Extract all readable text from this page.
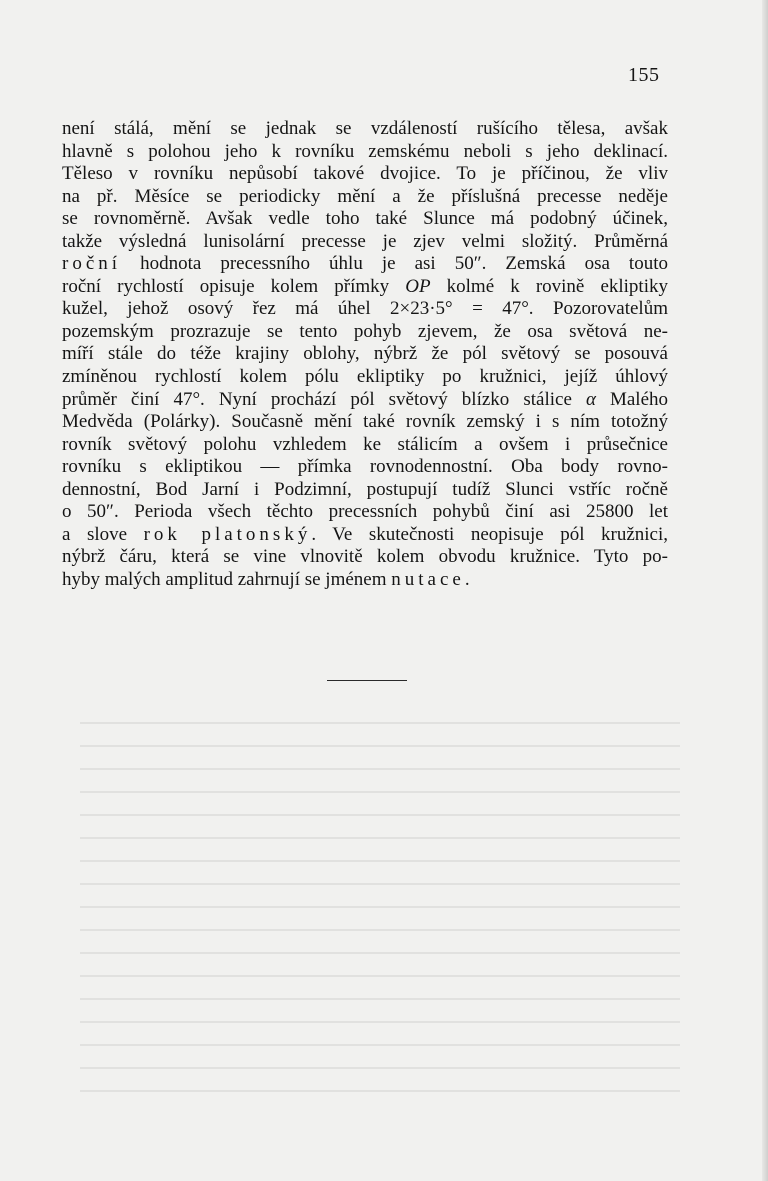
155
není stálá, mění se jednak se vzdáleností rušícího tělesa, avšak
hlavně s polohou jeho k rovníku zemskému neboli s jeho deklinací.
Těleso v rovníku nepůsobí takové dvojice. To je příčinou, že vliv
na př. Měsíce se periodicky mění a že příslušná precesse neděje
se rovnoměrně. Avšak vedle toho také Slunce má podobný účinek,
takže výsledná lunisolární precesse je zjev velmi složitý. Průměrná
roční hodnota precessního úhlu je asi 50″. Zemská osa touto
roční rychlostí opisuje kolem přímky OP kolmé k rovině ekliptiky
kužel, jehož osový řez má úhel 2×23·5° = 47°. Pozorovatelům
pozemským prozrazuje se tento pohyb zjevem, že osa světová ne-
míří stále do téže krajiny oblohy, nýbrž že pól světový se posouvá
zmíněnou rychlostí kolem pólu ekliptiky po kružnici, jejíž úhlový
průměr činí 47°. Nyní prochází pól světový blízko stálice α Malého
Medvěda (Polárky). Současně mění také rovník zemský i s ním totožný
rovník světový polohu vzhledem ke stálicím a ovšem i průsečnice
rovníku s ekliptikou — přímka rovnodennostní. Oba body rovno-
dennostní, Bod Jarní i Podzimní, postupují tudíž Slunci vstříc ročně
o 50″. Perioda všech těchto precessních pohybů činí asi 25800 let
a slove rok platonský. Ve skutečnosti neopisuje pól kružnici,
nýbrž čáru, která se vine vlnovitě kolem obvodu kružnice. Tyto po-
hyby malých amplitud zahrnují se jménem nutace.
